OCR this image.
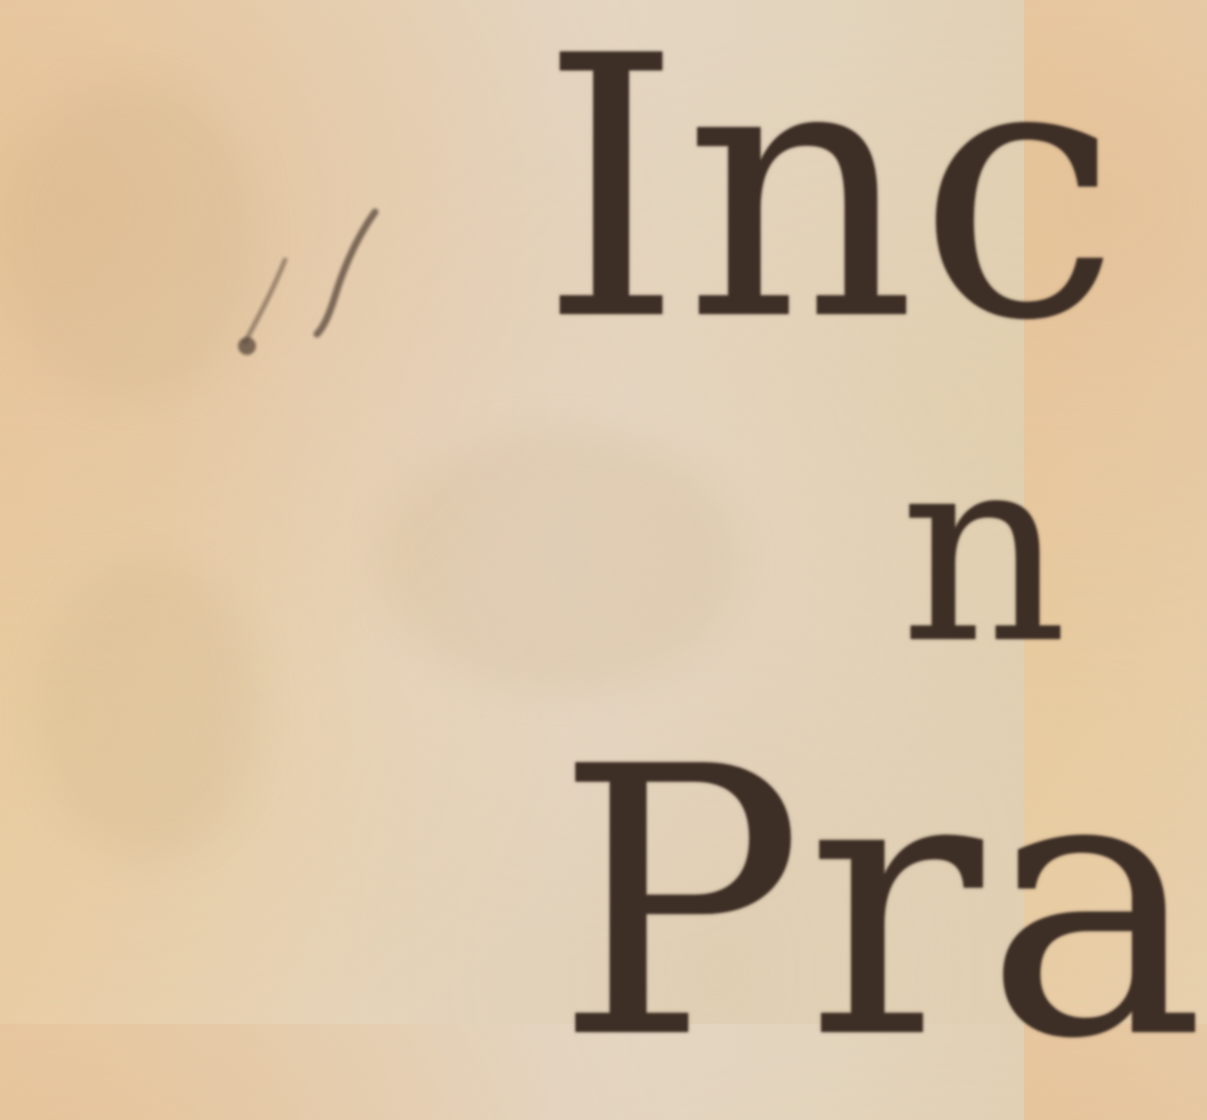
Inc
n
Pra
